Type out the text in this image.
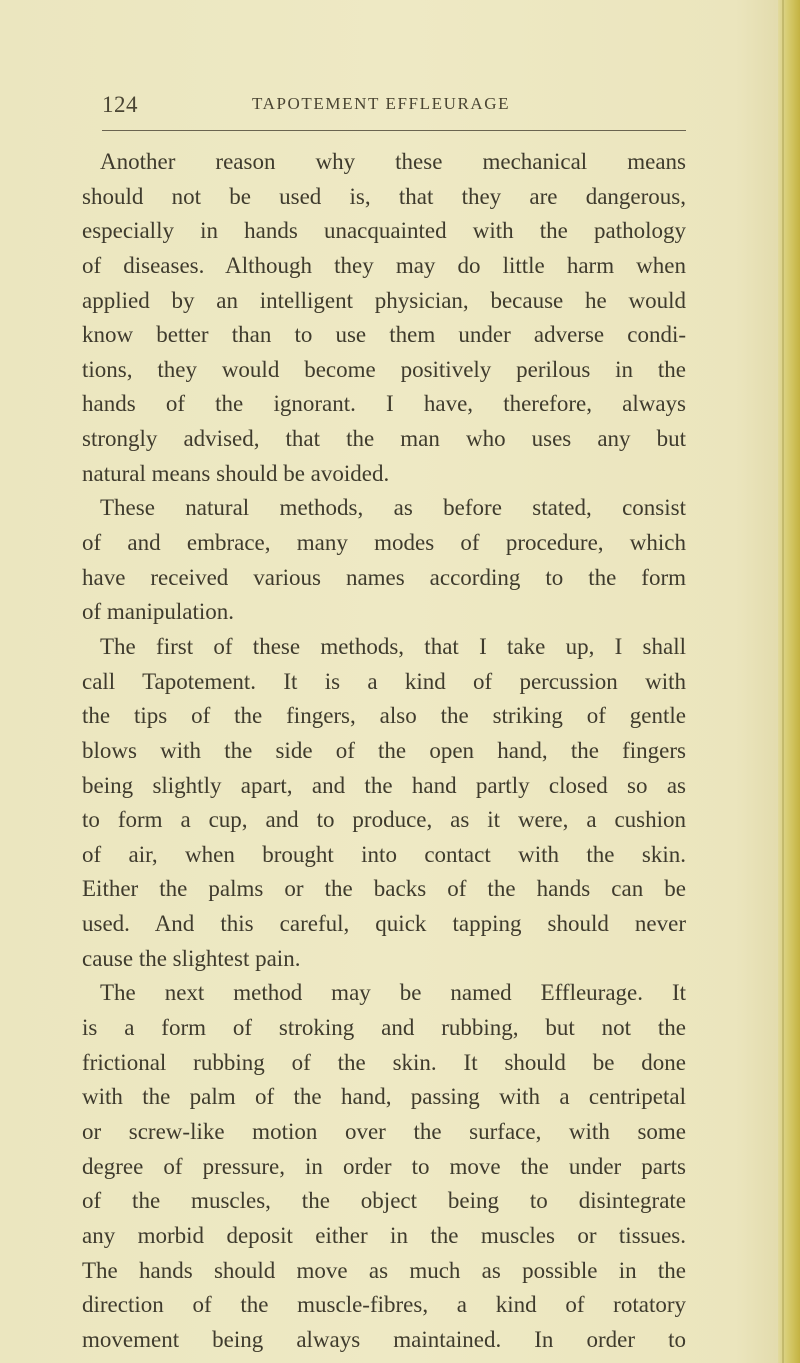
124	TAPOTEMENT EFFLEURAGE
Another reason why these mechanical means
should not be used is, that they are dangerous,
especially in hands unacquainted with the pathology
of diseases. Although they may do little harm when
applied by an intelligent physician, because he would
know better than to use them under adverse condi-
tions, they would become positively perilous in the
hands of the ignorant. I have, therefore, always
strongly advised, that the man who uses any but
natural means should be avoided.
These natural methods, as before stated, consist
of and embrace, many modes of procedure, which
have received various names according to the form
of manipulation.
The first of these methods, that I take up, I shall
call Tapotement. It is a kind of percussion with
the tips of the fingers, also the striking of gentle
blows with the side of the open hand, the fingers
being slightly apart, and the hand partly closed so as
to form a cup, and to produce, as it were, a cushion
of air, when brought into contact with the skin.
Either the palms or the backs of the hands can be
used. And this careful, quick tapping should never
cause the slightest pain.
The next method may be named Effleurage. It
is a form of stroking and rubbing, but not the
frictional rubbing of the skin. It should be done
with the palm of the hand, passing with a centripetal
or screw-like motion over the surface, with some
degree of pressure, in order to move the under parts
of the muscles, the object being to disintegrate
any morbid deposit either in the muscles or tissues.
The hands should move as much as possible in the
direction of the muscle-fibres, a kind of rotatory
movement being always maintained. In order to
